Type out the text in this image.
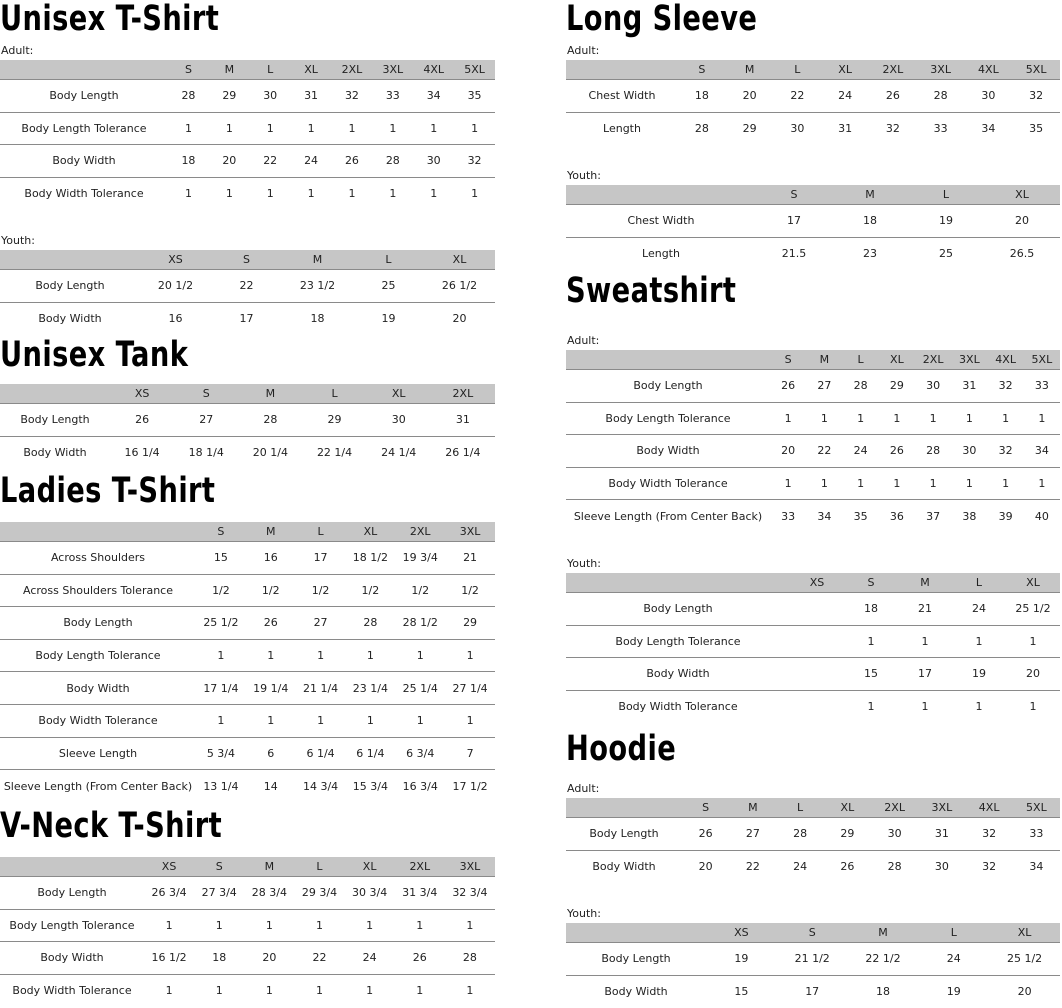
Unisex T-Shirt
Adult:
	S	M	L	XL	2XL	3XL	4XL	5XL
Body Length	28	29	30	31	32	33	34	35
Body Length Tolerance	1	1	1	1	1	1	1	1
Body Width	18	20	22	24	26	28	30	32
Body Width Tolerance	1	1	1	1	1	1	1	1
Youth:
	XS	S	M	L	XL
Body Length	20 1/2	22	23 1/2	25	26 1/2
Body Width	16	17	18	19	20
Unisex Tank
	XS	S	M	L	XL	2XL
Body Length	26	27	28	29	30	31
Body Width	16 1/4	18 1/4	20 1/4	22 1/4	24 1/4	26 1/4
Ladies T-Shirt
	S	M	L	XL	2XL	3XL
Across Shoulders	15	16	17	18 1/2	19 3/4	21
Across Shoulders Tolerance	1/2	1/2	1/2	1/2	1/2	1/2
Body Length	25 1/2	26	27	28	28 1/2	29
Body Length Tolerance	1	1	1	1	1	1
Body Width	17 1/4	19 1/4	21 1/4	23 1/4	25 1/4	27 1/4
Body Width Tolerance	1	1	1	1	1	1
Sleeve Length	5 3/4	6	6 1/4	6 1/4	6 3/4	7
Sleeve Length (From Center Back)	13 1/4	14	14 3/4	15 3/4	16 3/4	17 1/2
V-Neck T-Shirt
	XS	S	M	L	XL	2XL	3XL
Body Length	26 3/4	27 3/4	28 3/4	29 3/4	30 3/4	31 3/4	32 3/4
Body Length Tolerance	1	1	1	1	1	1	1
Body Width	16 1/2	18	20	22	24	26	28
Body Width Tolerance	1	1	1	1	1	1	1
Long Sleeve
Adult:
	S	M	L	XL	2XL	3XL	4XL	5XL
Chest Width	18	20	22	24	26	28	30	32
Length	28	29	30	31	32	33	34	35
Youth:
	S	M	L	XL
Chest Width	17	18	19	20
Length	21.5	23	25	26.5
Sweatshirt
Adult:
	S	M	L	XL	2XL	3XL	4XL	5XL
Body Length	26	27	28	29	30	31	32	33
Body Length Tolerance	1	1	1	1	1	1	1	1
Body Width	20	22	24	26	28	30	32	34
Body Width Tolerance	1	1	1	1	1	1	1	1
Sleeve Length (From Center Back)	33	34	35	36	37	38	39	40
Youth:
	XS	S	M	L	XL
Body Length		18	21	24	25 1/2
Body Length Tolerance		1	1	1	1
Body Width		15	17	19	20
Body Width Tolerance		1	1	1	1
Hoodie
Adult:
	S	M	L	XL	2XL	3XL	4XL	5XL
Body Length	26	27	28	29	30	31	32	33
Body Width	20	22	24	26	28	30	32	34
Youth:
	XS	S	M	L	XL
Body Length	19	21 1/2	22 1/2	24	25 1/2
Body Width	15	17	18	19	20
